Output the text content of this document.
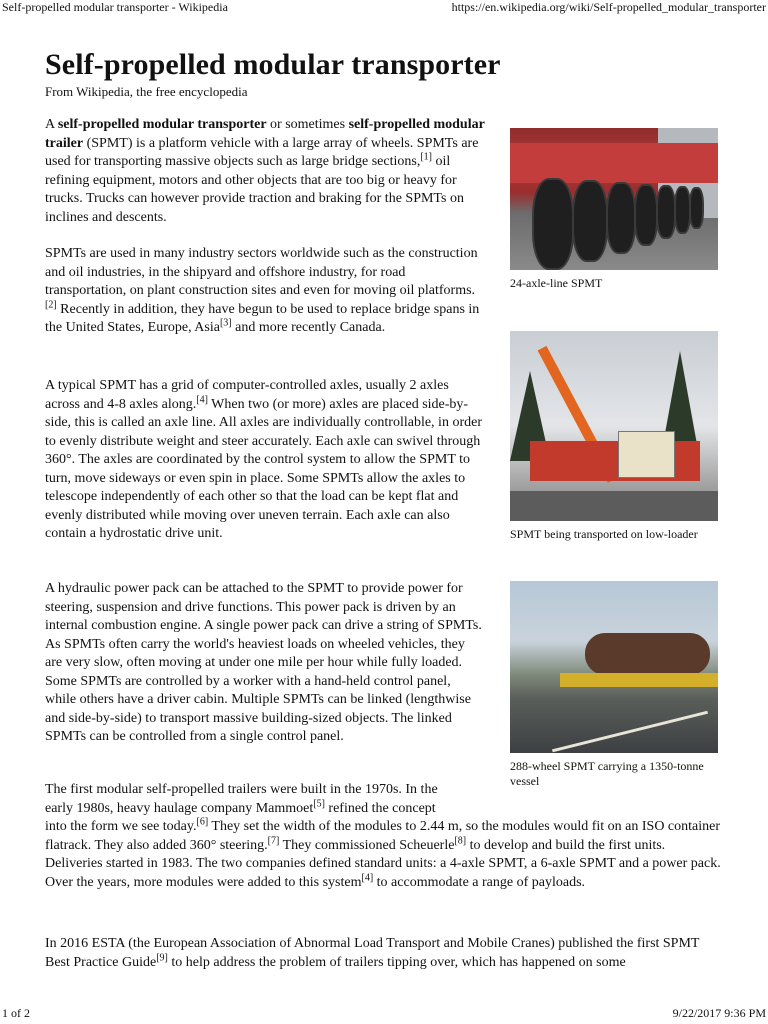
Self-propelled modular transporter - Wikipedia	https://en.wikipedia.org/wiki/Self-propelled_modular_transporter
Self-propelled modular transporter
From Wikipedia, the free encyclopedia

A self-propelled modular transporter or sometimes self-propelled modular trailer (SPMT) is a platform vehicle with a large array of wheels. SPMTs are used for transporting massive objects such as large bridge sections,[1] oil refining equipment, motors and other objects that are too big or heavy for trucks. Trucks can however provide traction and braking for the SPMTs on inclines and descents.

SPMTs are used in many industry sectors worldwide such as the construction and oil industries, in the shipyard and offshore industry, for road transportation, on plant construction sites and even for moving oil platforms.[2] Recently in addition, they have begun to be used to replace bridge spans in the United States, Europe, Asia[3] and more recently Canada.

A typical SPMT has a grid of computer-controlled axles, usually 2 axles across and 4-8 axles along.[4] When two (or more) axles are placed side-by-side, this is called an axle line. All axles are individually controllable, in order to evenly distribute weight and steer accurately. Each axle can swivel through 360°. The axles are coordinated by the control system to allow the SPMT to turn, move sideways or even spin in place. Some SPMTs allow the axles to telescope independently of each other so that the load can be kept flat and evenly distributed while moving over uneven terrain. Each axle can also contain a hydrostatic drive unit.

A hydraulic power pack can be attached to the SPMT to provide power for steering, suspension and drive functions. This power pack is driven by an internal combustion engine. A single power pack can drive a string of SPMTs. As SPMTs often carry the world's heaviest loads on wheeled vehicles, they are very slow, often moving at under one mile per hour while fully loaded. Some SPMTs are controlled by a worker with a hand-held control panel, while others have a driver cabin. Multiple SPMTs can be linked (lengthwise and side-by-side) to transport massive building-sized objects. The linked SPMTs can be controlled from a single control panel.

The first modular self-propelled trailers were built in the 1970s. In the
early 1980s, heavy haulage company Mammoet[5] refined the concept
into the form we see today.[6] They set the width of the modules to 2.44 m, so the modules would fit on an ISO container flatrack. They also added 360° steering.[7] They commissioned Scheuerle[8] to develop and build the first units. Deliveries started in 1983. The two companies defined standard units: a 4-axle SPMT, a 6-axle SPMT and a power pack. Over the years, more modules were added to this system[4] to accommodate a range of payloads.

In 2016 ESTA (the European Association of Abnormal Load Transport and Mobile Cranes) published the first SPMT Best Practice Guide[9] to help address the problem of trailers tipping over, which has happened on some

24-axle-line SPMT
SPMT being transported on low-loader
288-wheel SPMT carrying a 1350-tonne vessel
1 of 2	9/22/2017 9:36 PM
